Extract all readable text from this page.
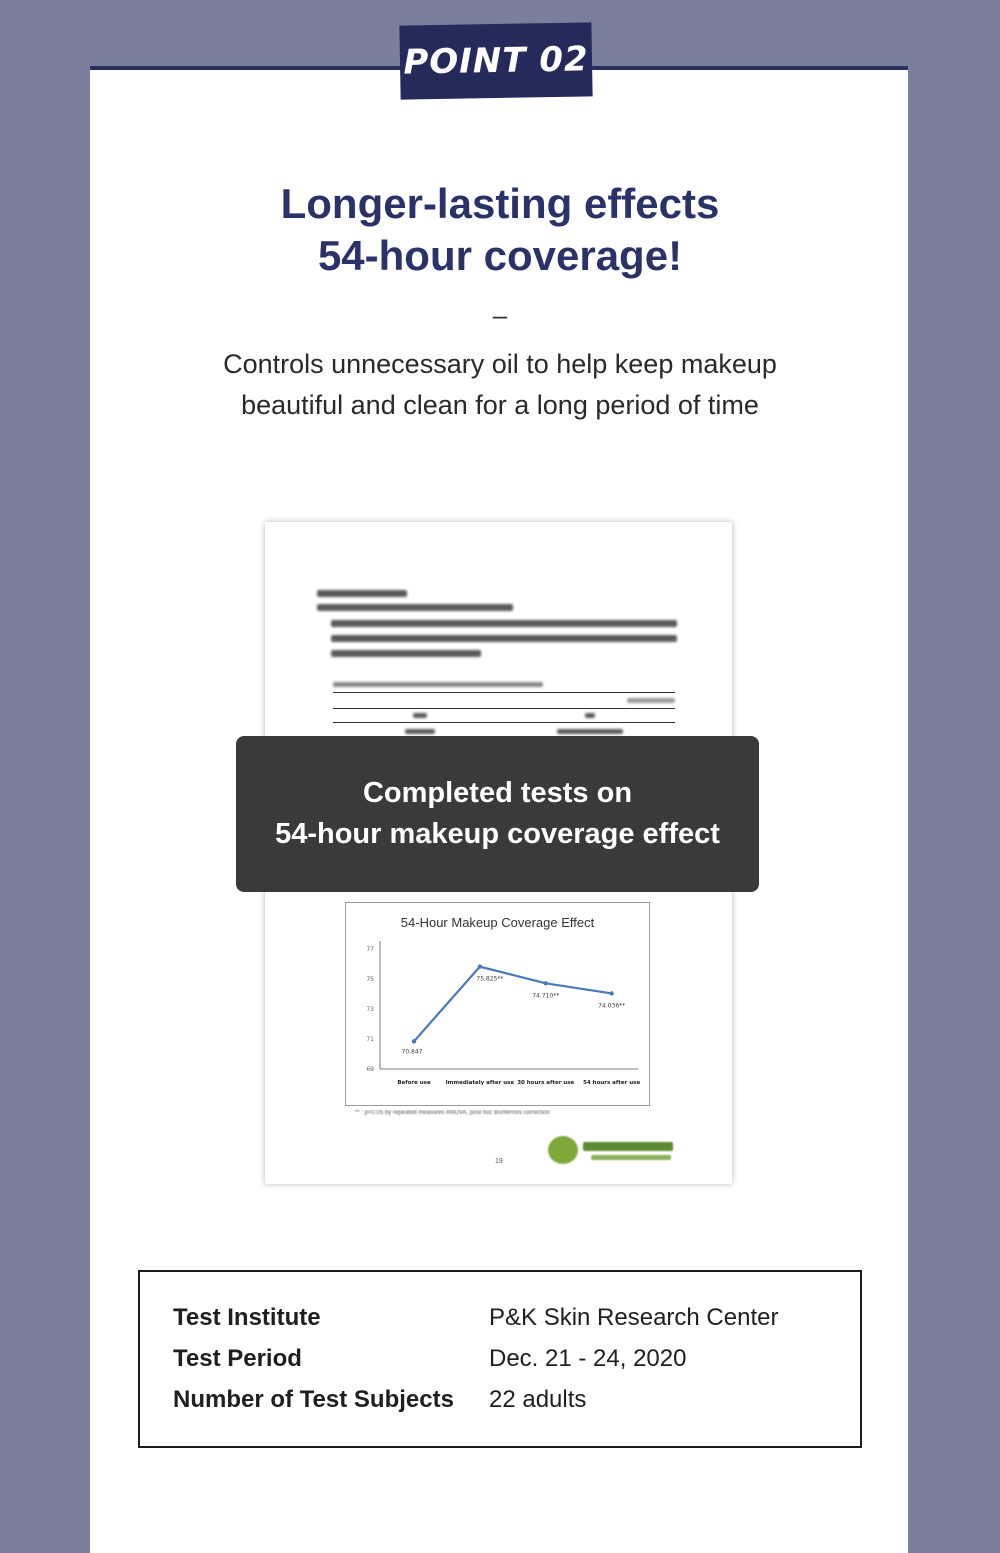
POINT 02
Longer-lasting effects
54-hour coverage!
–
Controls unnecessary oil to help keep makeup
beautiful and clean for a long period of time
54-Hour Makeup Coverage Effect
77
75
73
71
69
Before use	Immediately after use 30 hours after use 54 hours after use
70.847
75.825**
74.710**
74.036**
** : p<0.05 by repeated measures ANOVA, post hoc Bonferroni correction
19
Completed tests on
54-hour makeup coverage effect
Test Institute	P&K Skin Research Center
Test Period	Dec. 21 - 24, 2020
Number of Test Subjects 22 adults
